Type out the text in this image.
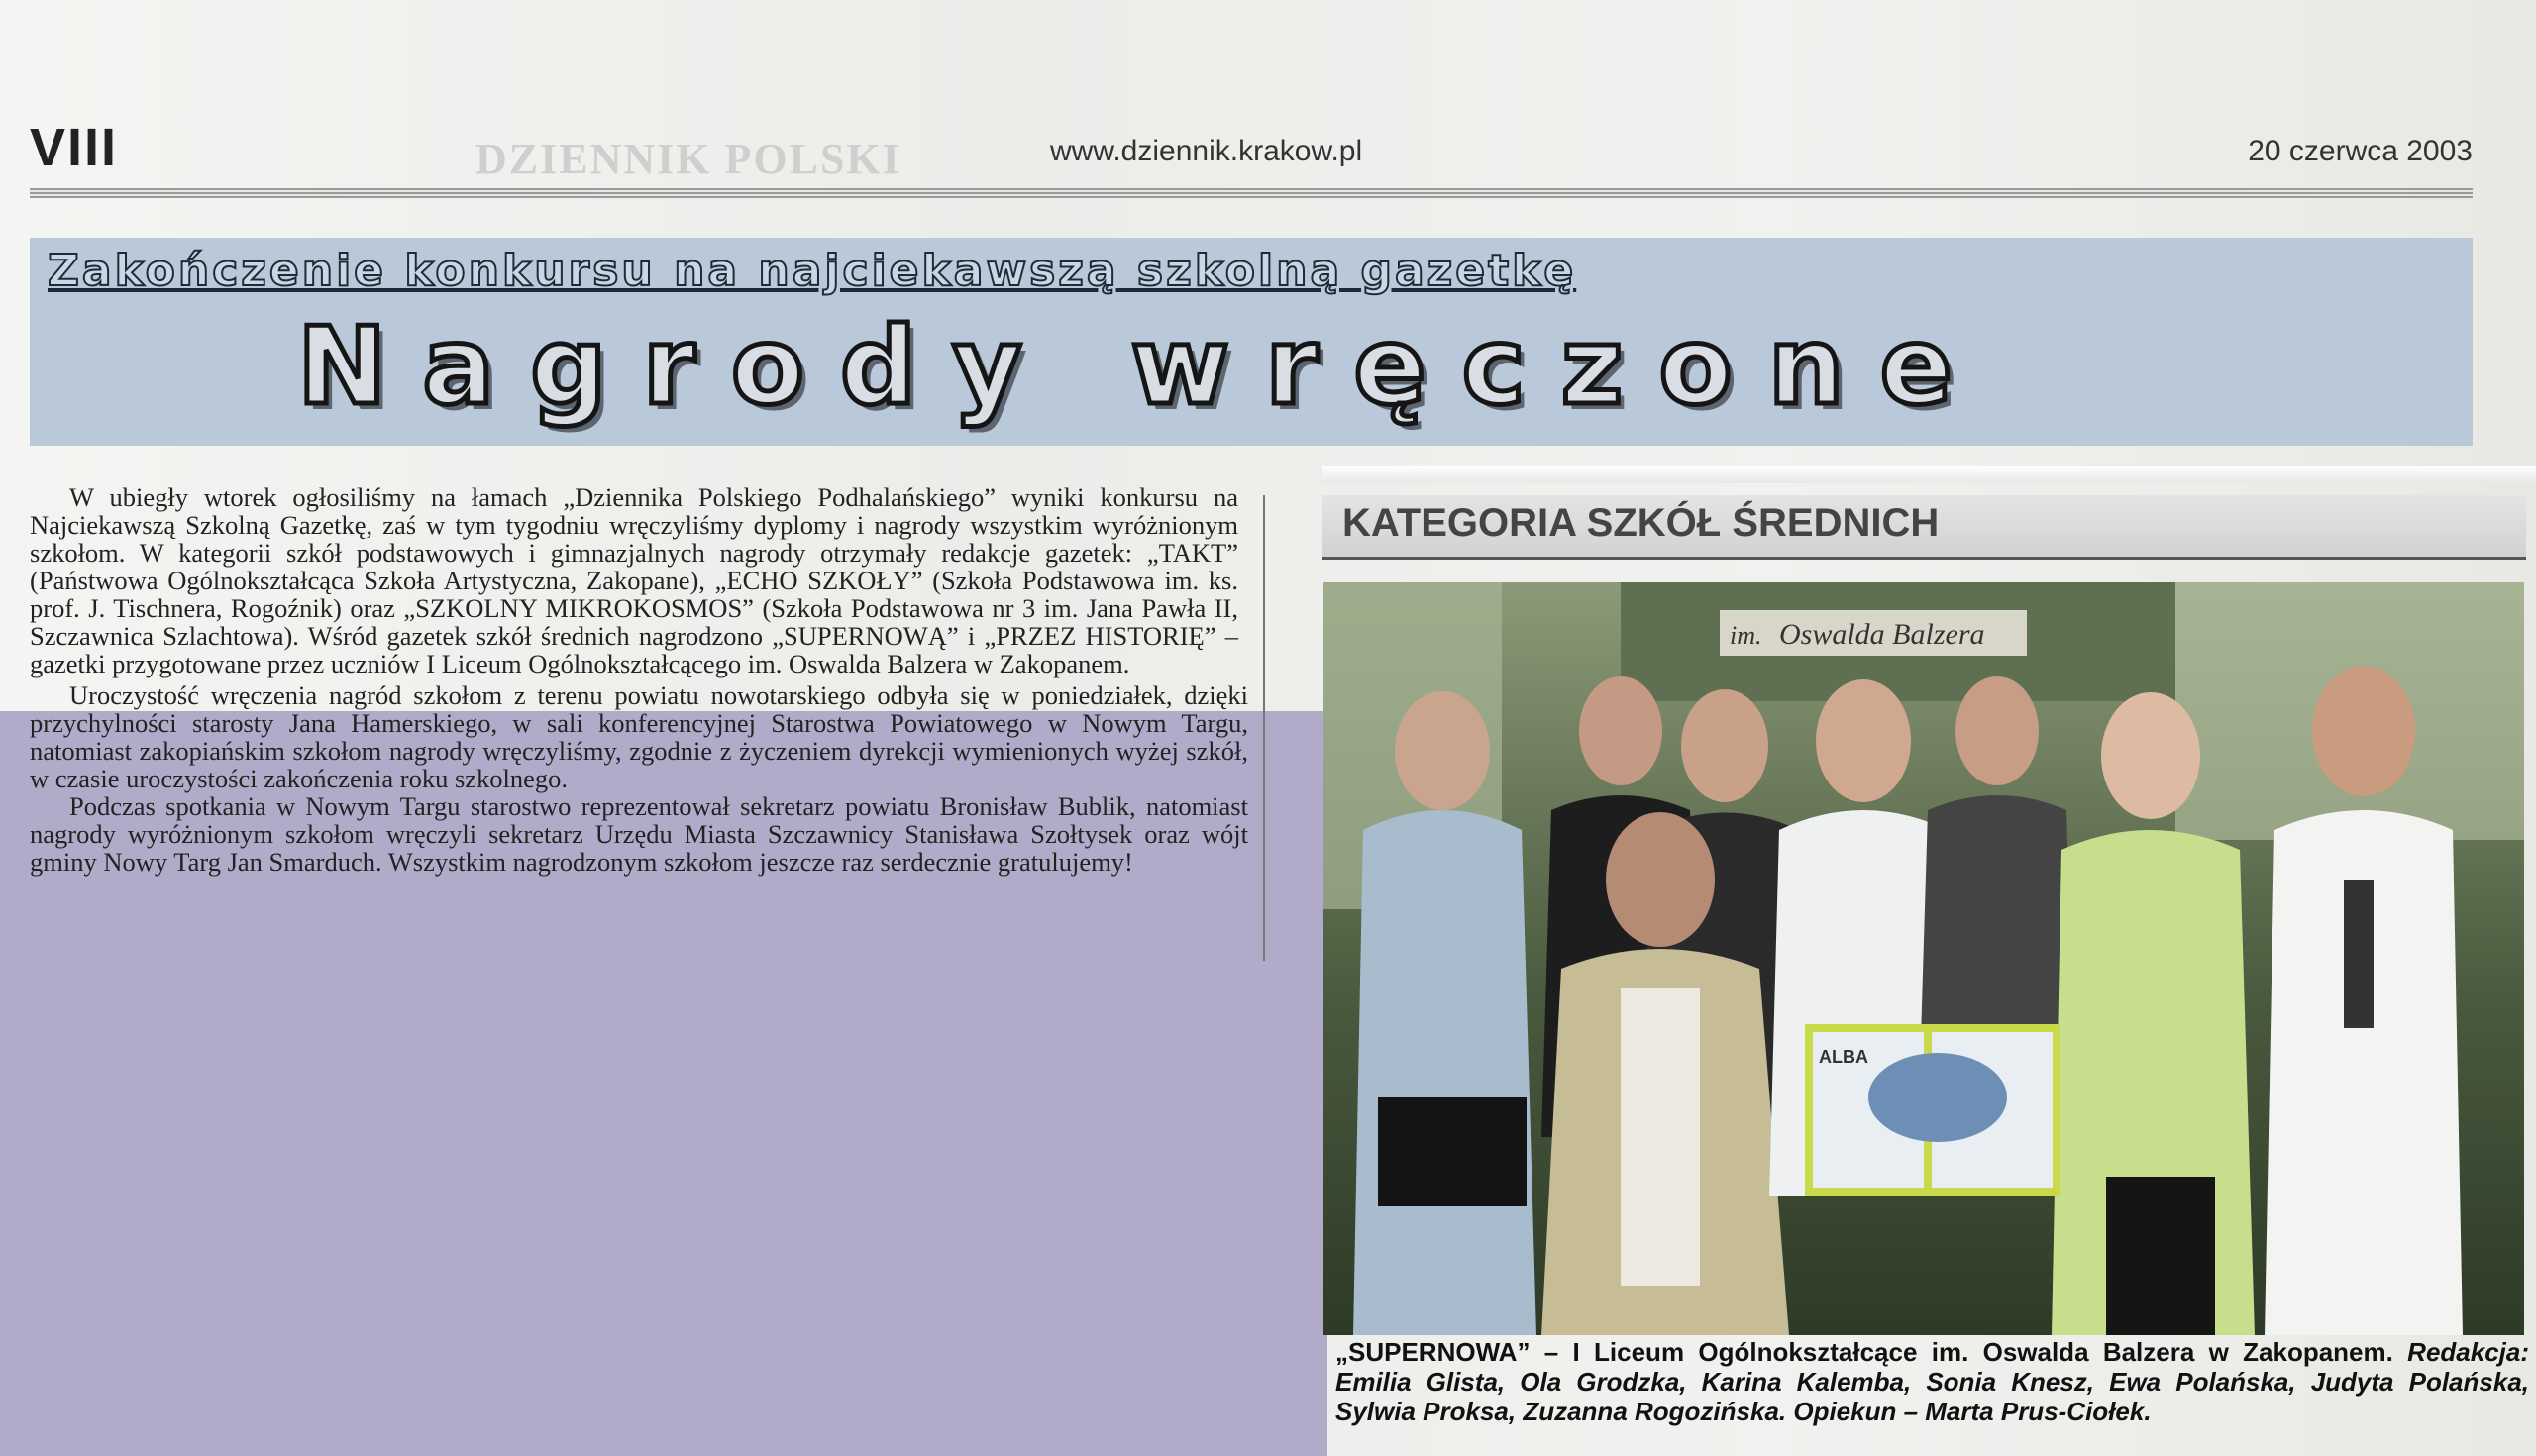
DZIENNIK POLSKI
VIII	www.dziennik.krakow.pl	20 czerwca 2003
Zakończenie konkursu na najciekawszą szkolną gazetkę
Nagrody wręczone

W ubiegły wtorek ogłosiliśmy na łamach „Dziennika Polskiego Podhalańskiego” wyniki konkursu na Najciekawszą Szkolną Gazetkę, zaś w tym tygodniu wręczyliśmy dyplomy i nagrody wszystkim wyróżnionym szkołom. W kategorii szkół podstawowych i gimnazjalnych nagrody otrzymały redakcje gazetek: „TAKT” (Państwowa Ogólnokształcąca Szkoła Artystyczna, Zakopane), „ECHO SZKOŁY” (Szkoła Podstawowa im. ks. prof. J. Tischnera, Rogoźnik) oraz „SZKOLNY MIKROKOSMOS” (Szkoła Podstawowa nr 3 im. Jana Pawła II, Szczawnica Szlachtowa). Wśród gazetek szkół średnich nagrodzono „SUPERNOWĄ” i „PRZEZ HISTORIĘ” – gazetki przygotowane przez uczniów I Liceum Ogólnokształcącego im. Oswalda Balzera w Zakopanem.

Uroczystość wręczenia nagród szkołom z terenu powiatu nowotarskiego odbyła się w poniedziałek, dzięki przychylności starosty Jana Hamerskiego, w sali konferencyjnej Starostwa Powiatowego w Nowym Targu, natomiast zakopiańskim szkołom nagrody wręczyliśmy, zgodnie z życzeniem dyrekcji wymienionych wyżej szkół, w czasie uroczystości zakończenia roku szkolnego.

Podczas spotkania w Nowym Targu starostwo reprezentował sekretarz powiatu Bronisław Bublik, natomiast nagrody wyróżnionym szkołom wręczyli sekretarz Urzędu Miasta Szczawnicy Stanisława Szołtysek oraz wójt gminy Nowy Targ Jan Smarduch. Wszystkim nagrodzonym szkołom jeszcze raz serdecznie gratulujemy!

KATEGORIA SZKÓŁ ŚREDNICH
im. Oswalda Balzera
ALBA
„SUPERNOWA” – I Liceum Ogólnokształcące im. Oswalda Balzera w Zakopanem. Redakcja: Emilia Glista, Ola Grodzka, Karina Kalemba, Sonia Knesz, Ewa Polańska, Judyta Polańska, Sylwia Proksa, Zuzanna Rogozińska. Opiekun – Marta Prus-Ciołek.
